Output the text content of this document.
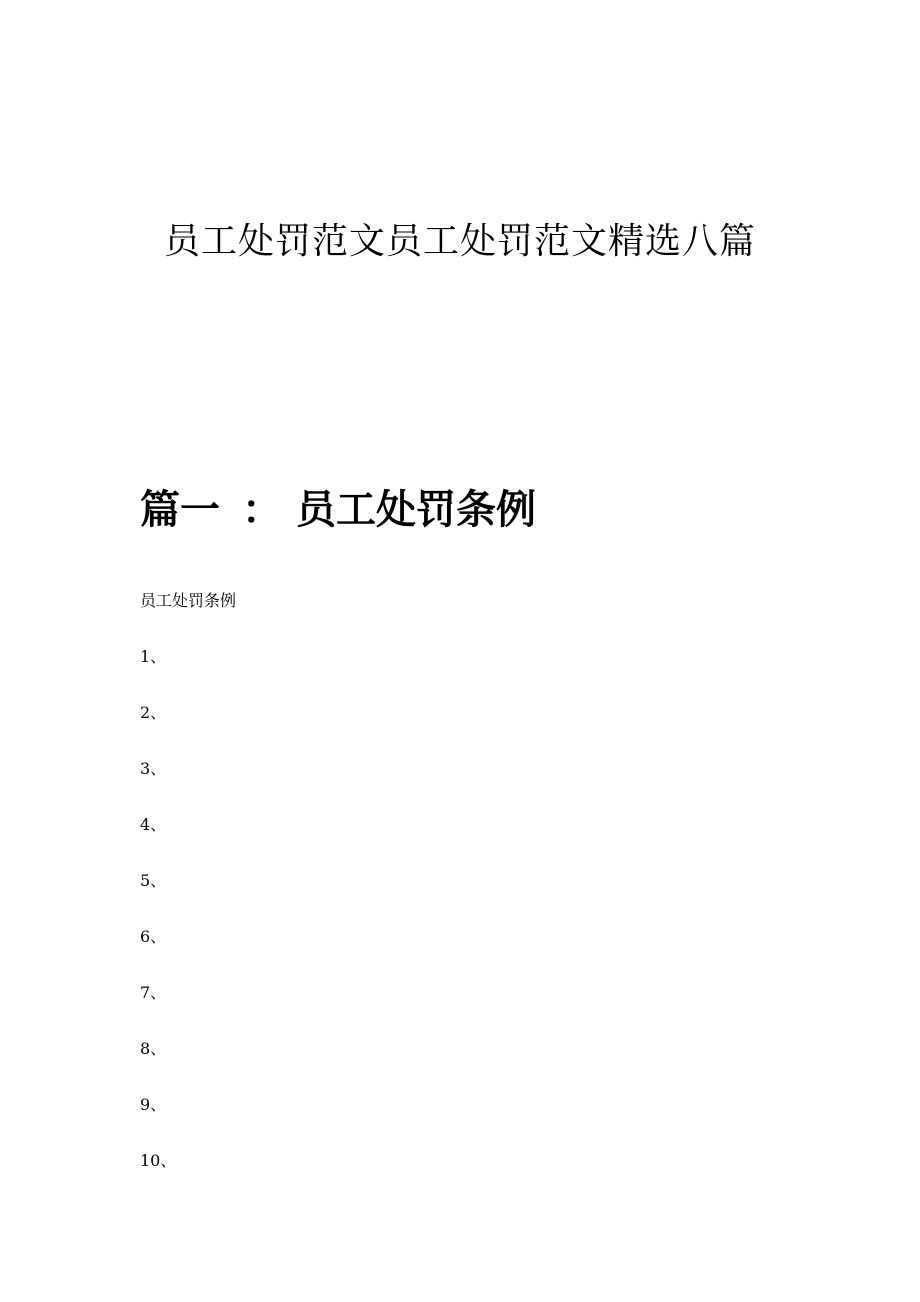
员工处罚范文员工处罚范文精选八篇
篇一 ： 员工处罚条例
员工处罚条例
1、
2、
3、
4、
5、
6、
7、
8、
9、
10、
